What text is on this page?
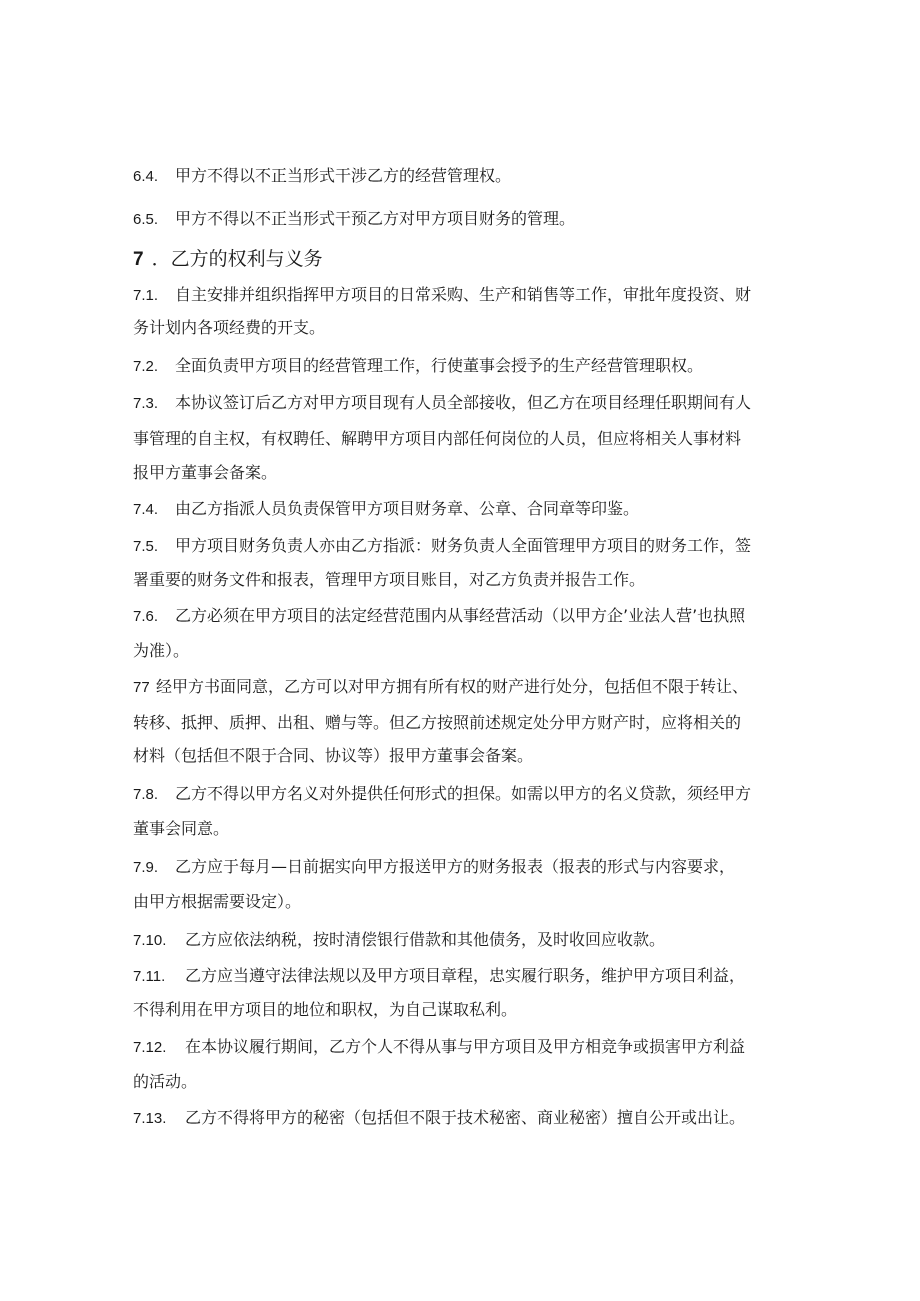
6.4. 甲方不得以不正当形式干涉乙方的经营管理权。
6.5. 甲方不得以不正当形式干预乙方对甲方项目财务的管理。
7 ．乙方的权利与义务
7.1. 自主安排并组织指挥甲方项目的日常采购、生产和销售等工作，审批年度投资、财
务计划内各项经费的开支。
7.2. 全面负责甲方项目的经营管理工作，行使董事会授予的生产经营管理职权。
7.3. 本协议签订后乙方对甲方项目现有人员全部接收，但乙方在项目经理任职期间有人
事管理的自主权，有权聘任、解聘甲方项目内部任何岗位的人员，但应将相关人事材料
报甲方董事会备案。
7.4. 由乙方指派人员负责保管甲方项目财务章、公章、合同章等印鉴。
7.5. 甲方项目财务负责人亦由乙方指派：财务负责人全面管理甲方项目的财务工作，签
署重要的财务文件和报表，管理甲方项目账目，对乙方负责并报告工作。
7.6. 乙方必须在甲方项目的法定经营范围内从事经营活动（以甲方企’业法人营’也执照
为准）。
77 经甲方书面同意，乙方可以对甲方拥有所有权的财产进行处分，包括但不限于转让、
转移、抵押、质押、出租、赠与等。但乙方按照前述规定处分甲方财产时，应将相关的
材料（包括但不限于合同、协议等）报甲方董事会备案。
7.8. 乙方不得以甲方名义对外提供任何形式的担保。如需以甲方的名义贷款，须经甲方
董事会同意。
7.9. 乙方应于每月—日前据实向甲方报送甲方的财务报表（报表的形式与内容要求，
由甲方根据需要设定）。
7.10. 乙方应依法纳税，按时清偿银行借款和其他债务，及时收回应收款。
7.11. 乙方应当遵守法律法规以及甲方项目章程，忠实履行职务，维护甲方项目利益，
不得利用在甲方项目的地位和职权，为自己谋取私利。
7.12. 在本协议履行期间，乙方个人不得从事与甲方项目及甲方相竞争或损害甲方利益
的活动。
7.13. 乙方不得将甲方的秘密（包括但不限于技术秘密、商业秘密）擅自公开或出让。
